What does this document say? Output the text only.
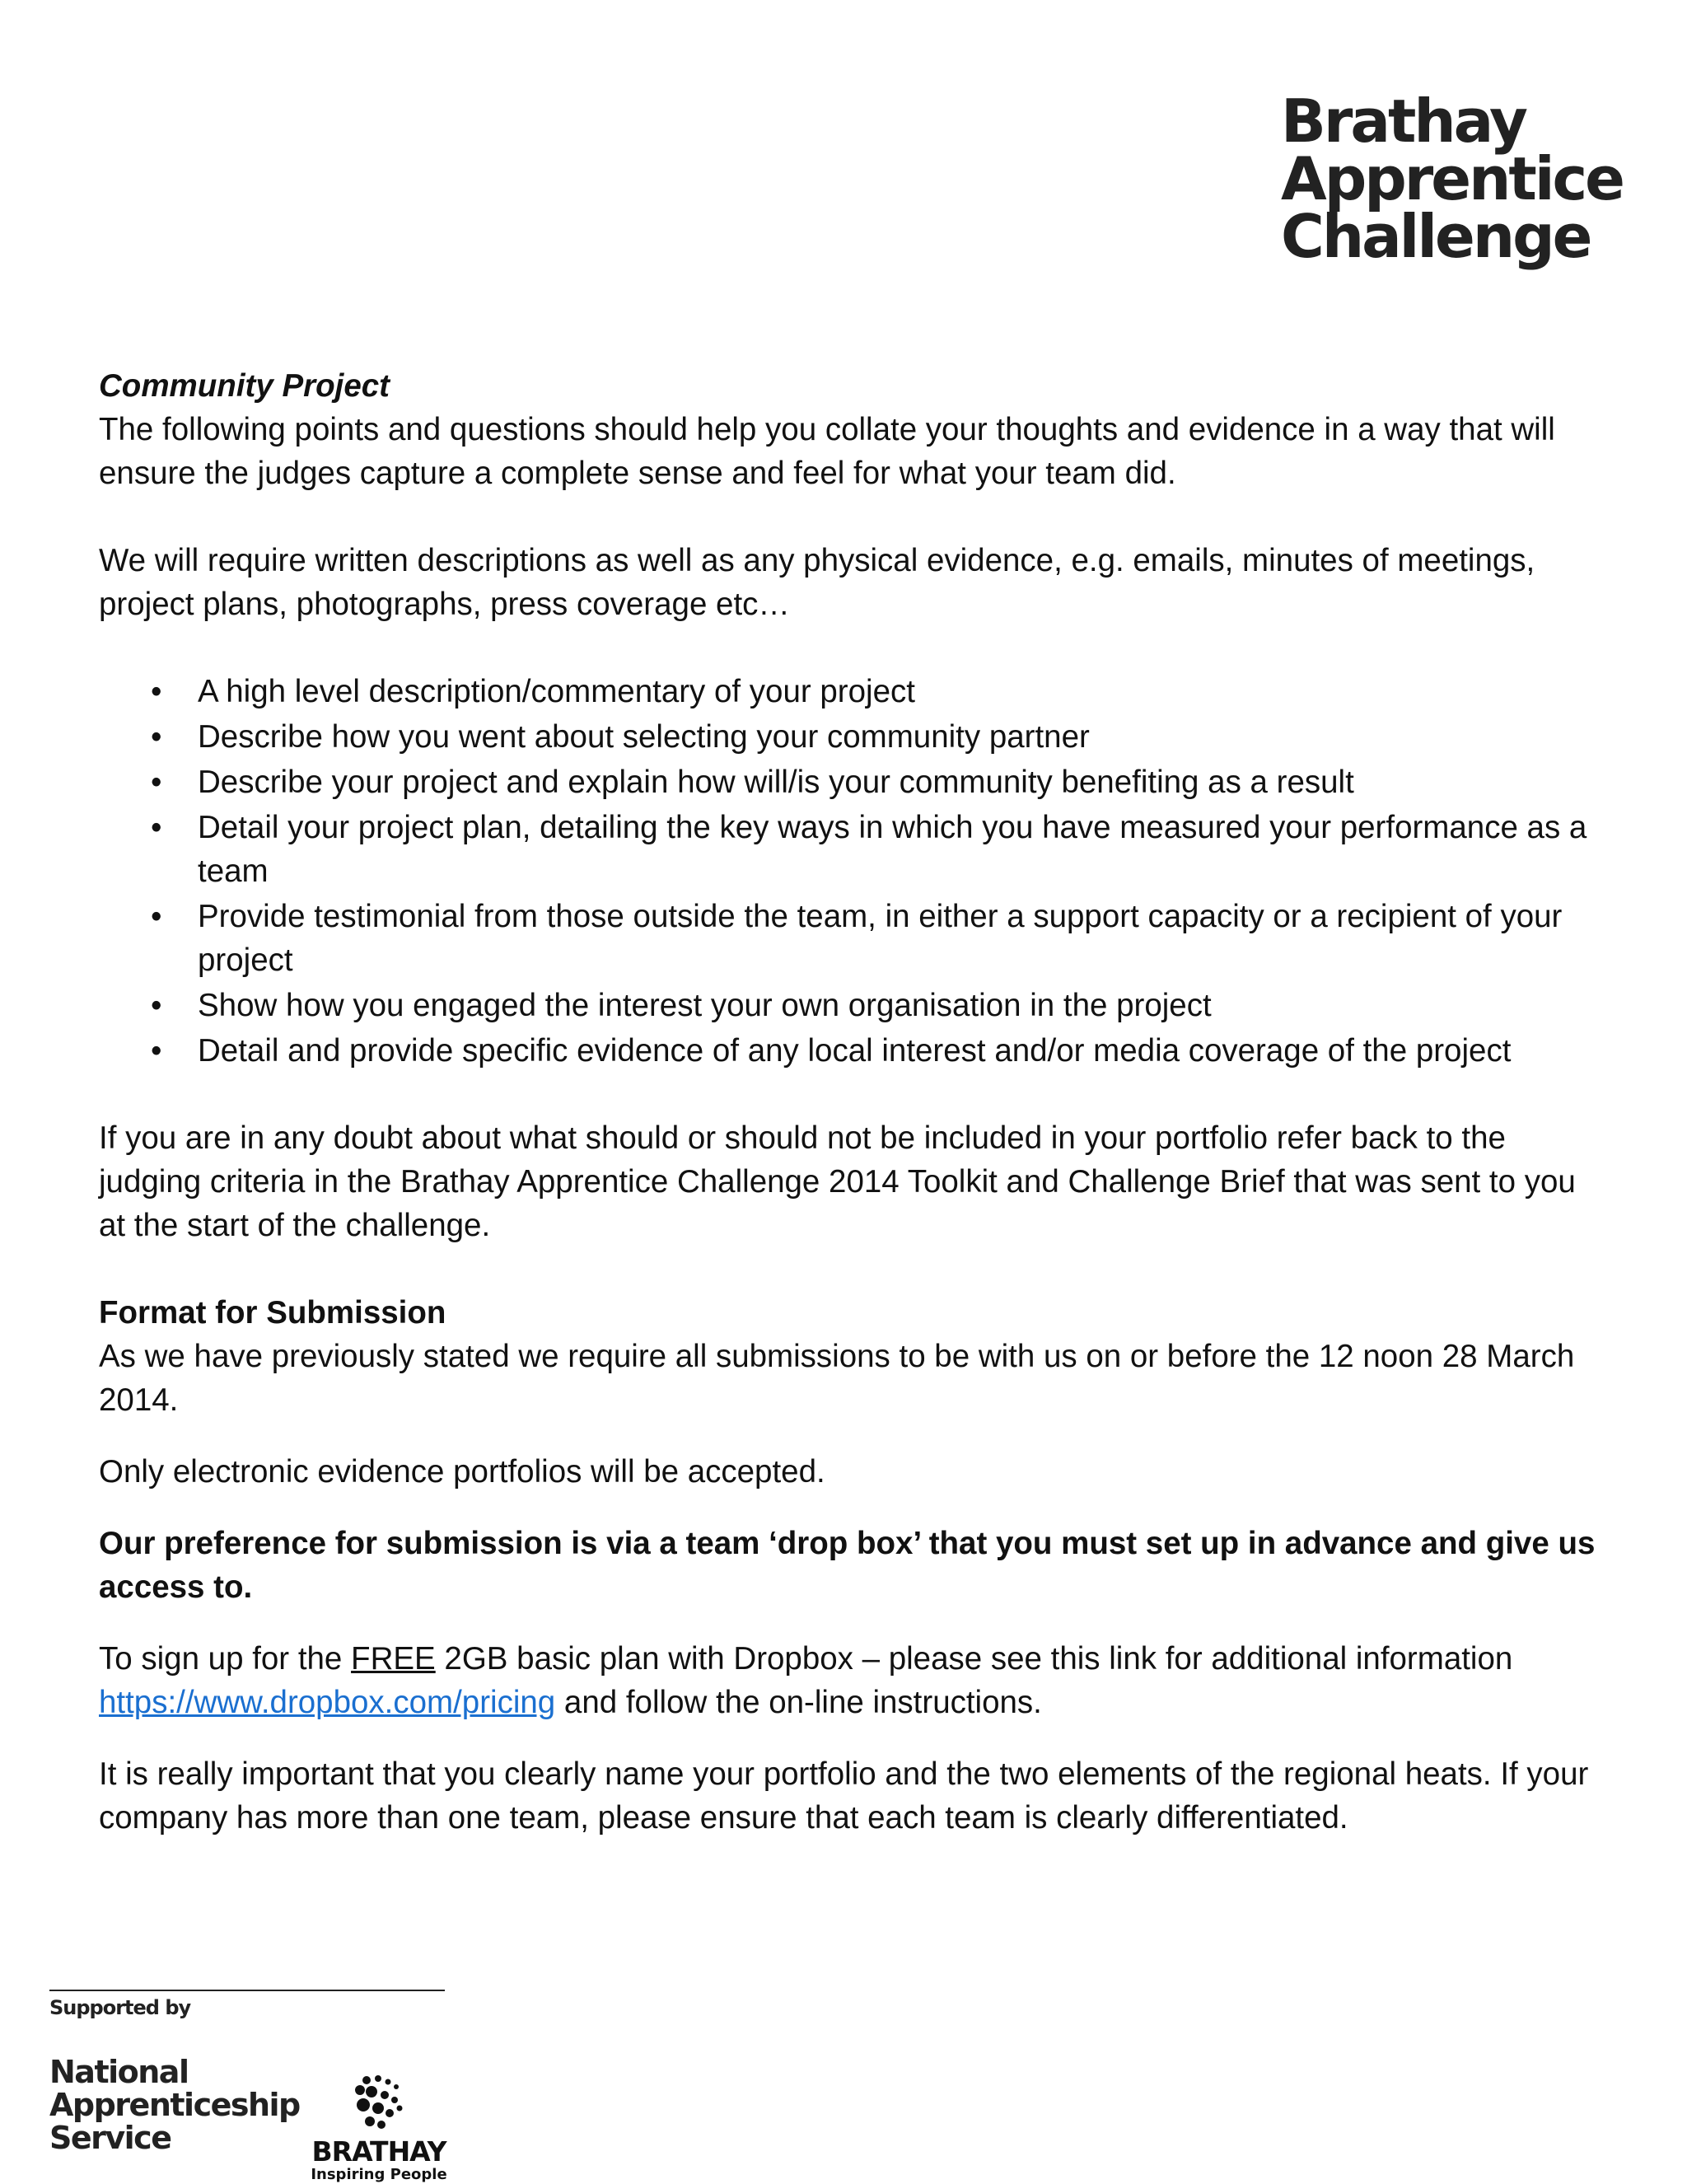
Brathay
Apprentice
Challenge

Community Project

The following points and questions should help you collate your thoughts and evidence in a way that will ensure the judges capture a complete sense and feel for what your team did.

We will require written descriptions as well as any physical evidence, e.g. emails, minutes of meetings, project plans, photographs, press coverage etc…

• A high level description/commentary of your project
• Describe how you went about selecting your community partner
• Describe your project and explain how will/is your community benefiting as a result
• Detail your project plan, detailing the key ways in which you have measured your performance as a team
• Provide testimonial from those outside the team, in either a support capacity or a recipient of your project
• Show how you engaged the interest your own organisation in the project
• Detail and provide specific evidence of any local interest and/or media coverage of the project

If you are in any doubt about what should or should not be included in your portfolio refer back to the judging criteria in the Brathay Apprentice Challenge 2014 Toolkit and Challenge Brief that was sent to you at the start of the challenge.

Format for Submission

As we have previously stated we require all submissions to be with us on or before the 12 noon 28 March 2014.

Only electronic evidence portfolios will be accepted.

Our preference for submission is via a team ‘drop box’ that you must set up in advance and give us access to.

To sign up for the FREE 2GB basic plan with Dropbox – please see this link for additional information https://www.dropbox.com/pricing and follow the on-line instructions.

It is really important that you clearly name your portfolio and the two elements of the regional heats. If your company has more than one team, please ensure that each team is clearly differentiated.

Supported by
National
Apprenticeship
Service	BRATHAY
Inspiring People
